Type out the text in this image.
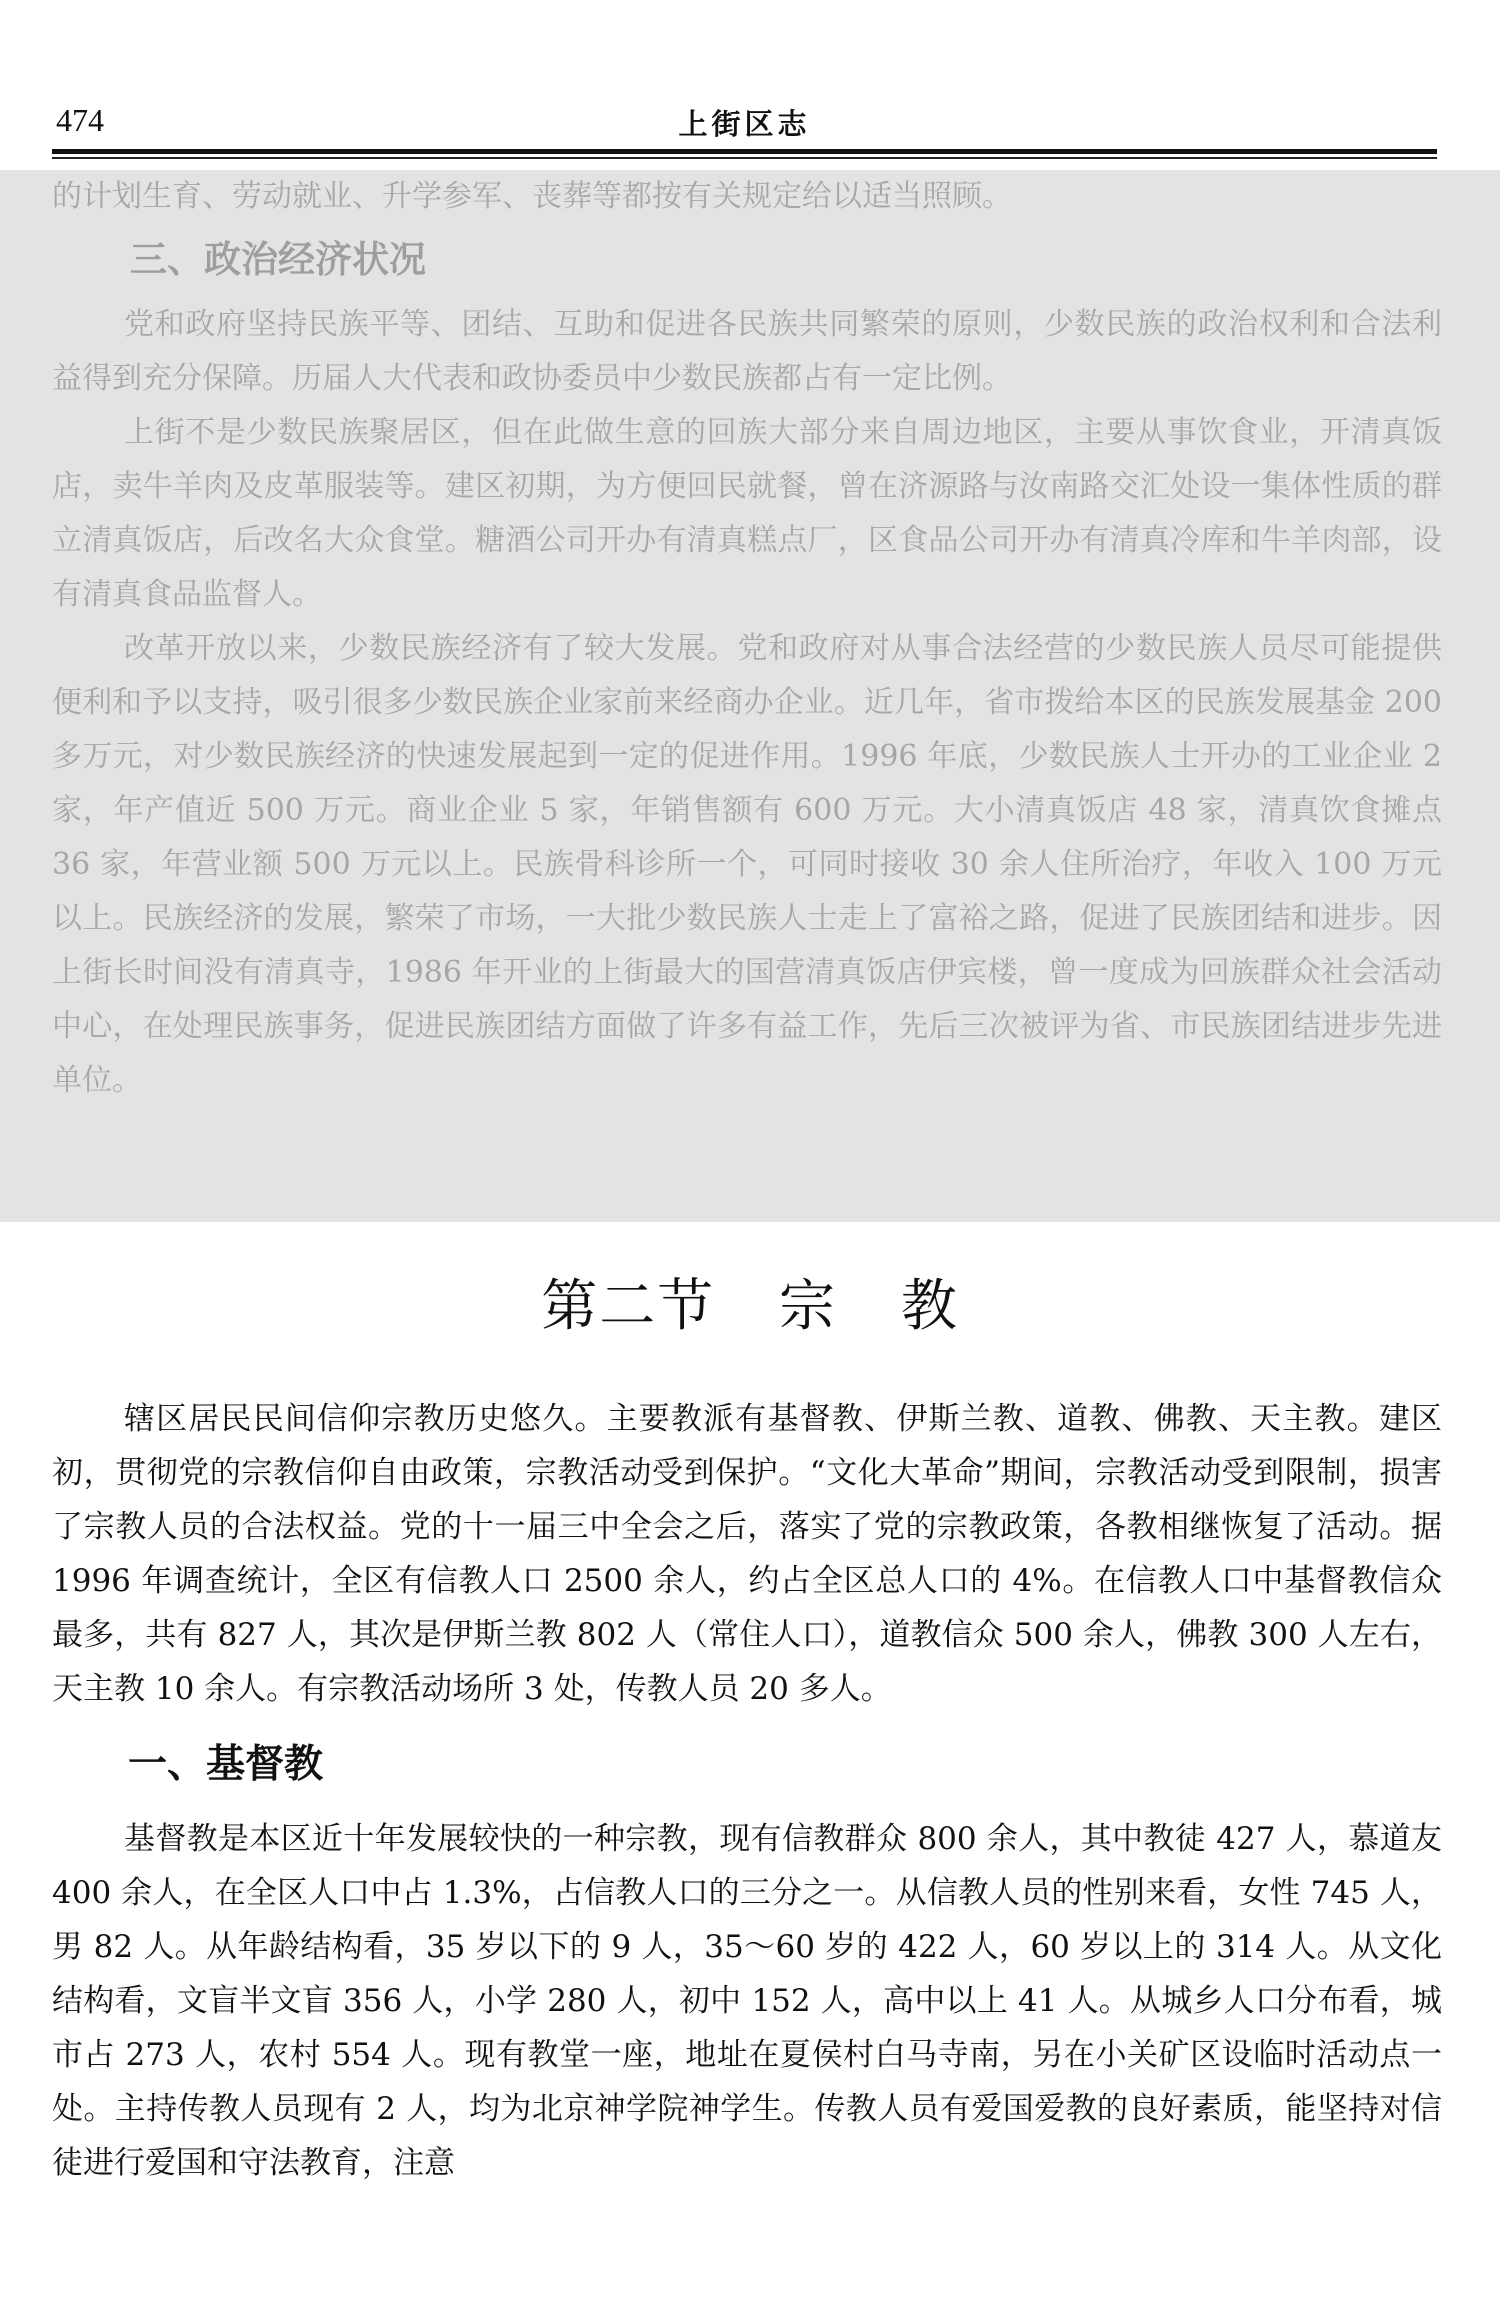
474	上街区志

的计划生育、劳动就业、升学参军、丧葬等都按有关规定给以适当照顾。

三、政治经济状况

党和政府坚持民族平等、团结、互助和促进各民族共同繁荣的原则，少数民族的政治权利和合法利益得到充分保障。历届人大代表和政协委员中少数民族都占有一定比例。

上街不是少数民族聚居区，但在此做生意的回族大部分来自周边地区，主要从事饮食业，开清真饭店，卖牛羊肉及皮革服装等。建区初期，为方便回民就餐，曾在济源路与汝南路交汇处设一集体性质的群立清真饭店，后改名大众食堂。糖酒公司开办有清真糕点厂，区食品公司开办有清真冷库和牛羊肉部，设有清真食品监督人。

改革开放以来，少数民族经济有了较大发展。党和政府对从事合法经营的少数民族人员尽可能提供便利和予以支持，吸引很多少数民族企业家前来经商办企业。近几年，省市拨给本区的民族发展基金 200 多万元，对少数民族经济的快速发展起到一定的促进作用。1996 年底，少数民族人士开办的工业企业 2 家，年产值近 500 万元。商业企业 5 家，年销售额有 600 万元。大小清真饭店 48 家，清真饮食摊点 36 家，年营业额 500 万元以上。民族骨科诊所一个，可同时接收 30 余人住所治疗，年收入 100 万元以上。民族经济的发展，繁荣了市场，一大批少数民族人士走上了富裕之路，促进了民族团结和进步。因上街长时间没有清真寺，1986 年开业的上街最大的国营清真饭店伊宾楼，曾一度成为回族群众社会活动中心，在处理民族事务，促进民族团结方面做了许多有益工作，先后三次被评为省、市民族团结进步先进单位。

第二节 宗 教

辖区居民民间信仰宗教历史悠久。主要教派有基督教、伊斯兰教、道教、佛教、天主教。建区初，贯彻党的宗教信仰自由政策，宗教活动受到保护。“文化大革命”期间，宗教活动受到限制，损害了宗教人员的合法权益。党的十一届三中全会之后，落实了党的宗教政策，各教相继恢复了活动。据 1996 年调查统计，全区有信教人口 2500 余人，约占全区总人口的 4%。在信教人口中基督教信众最多，共有 827 人，其次是伊斯兰教 802 人（常住人口），道教信众 500 余人，佛教 300 人左右，天主教 10 余人。有宗教活动场所 3 处，传教人员 20 多人。

一、基督教

基督教是本区近十年发展较快的一种宗教，现有信教群众 800 余人，其中教徒 427 人，慕道友 400 余人，在全区人口中占 1.3%，占信教人口的三分之一。从信教人员的性别来看，女性 745 人，男 82 人。从年龄结构看，35 岁以下的 9 人，35～60 岁的 422 人，60 岁以上的 314 人。从文化结构看，文盲半文盲 356 人，小学 280 人，初中 152 人，高中以上 41 人。从城乡人口分布看，城市占 273 人，农村 554 人。现有教堂一座，地址在夏侯村白马寺南，另在小关矿区设临时活动点一处。主持传教人员现有 2 人，均为北京神学院神学生。传教人员有爱国爱教的良好素质，能坚持对信徒进行爱国和守法教育，注意
